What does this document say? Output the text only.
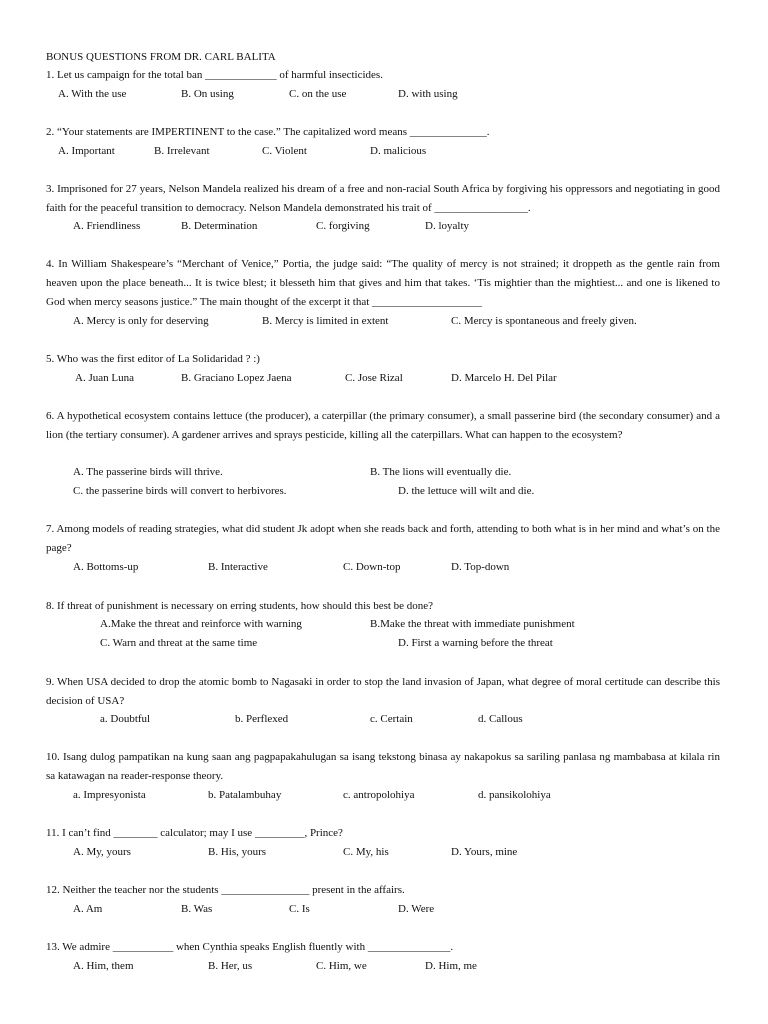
BONUS QUESTIONS FROM DR. CARL BALITA

1. Let us campaign for the total ban _____________ of harmful insecticides.

A. With the use	B. On using	C. on the use	D. with using

2. “Your statements are IMPERTINENT to the case.” The capitalized word means ______________.

A. Important	B. Irrelevant	C. Violent	D. malicious

3. Imprisoned for 27 years, Nelson Mandela realized his dream of a free and non-racial South Africa by forgiving his oppressors and negotiating in good faith for the peaceful transition to democracy. Nelson Mandela demonstrated his trait of _________________.

A. Friendliness	B. Determination	C. forgiving	D. loyalty

4. In William Shakespeare’s “Merchant of Venice,” Portia, the judge said: “The quality of mercy is not strained; it droppeth as the gentle rain from heaven upon the place beneath... It is twice blest; it blesseth him that gives and him that takes. ‘Tis mightier than the mightiest... and one is likened to God when mercy seasons justice.” The main thought of the excerpt it that ____________________

A. Mercy is only for deserving	B. Mercy is limited in extent	C. Mercy is spontaneous and freely given.

5. Who was the first editor of La Solidaridad ? :)

A. Juan Luna	B. Graciano Lopez Jaena	C. Jose Rizal	D. Marcelo H. Del Pilar

6. A hypothetical ecosystem contains lettuce (the producer), a caterpillar (the primary consumer), a small passerine bird (the secondary consumer) and a lion (the tertiary consumer). A gardener arrives and sprays pesticide, killing all the caterpillars. What can happen to the ecosystem?

A. The passerine birds will thrive.	B. The lions will eventually die.
C. the passerine birds will convert to herbivores.	D. the lettuce will wilt and die.

7. Among models of reading strategies, what did student Jk adopt when she reads back and forth, attending to both what is in her mind and what’s on the page?

A. Bottoms-up	B. Interactive	C. Down-top	D. Top-down

8. If threat of punishment is necessary on erring students, how should this best be done?

A.Make the threat and reinforce with warning	B.Make the threat with immediate punishment
C. Warn and threat at the same time	D. First a warning before the threat

9. When USA decided to drop the atomic bomb to Nagasaki in order to stop the land invasion of Japan, what degree of moral certitude can describe this decision of USA?

a. Doubtful	b. Perflexed	c. Certain	d. Callous

10. Isang dulog pampatikan na kung saan ang pagpapakahulugan sa isang tekstong binasa ay nakapokus sa sariling panlasa ng mambabasa at kilala rin sa katawagan na reader-response theory.

a. Impresyonista	b. Patalambuhay	c. antropolohiya	d. pansikolohiya

11. I can’t find ________ calculator; may I use _________, Prince?

A. My, yours	B. His, yours	C. My, his	D. Yours, mine

12. Neither the teacher nor the students ________________ present in the affairs.

A. Am	B. Was	C. Is	D. Were

13. We admire ___________ when Cynthia speaks English fluently with _______________.

A. Him, them	B. Her, us	C. Him, we	D. Him, me
